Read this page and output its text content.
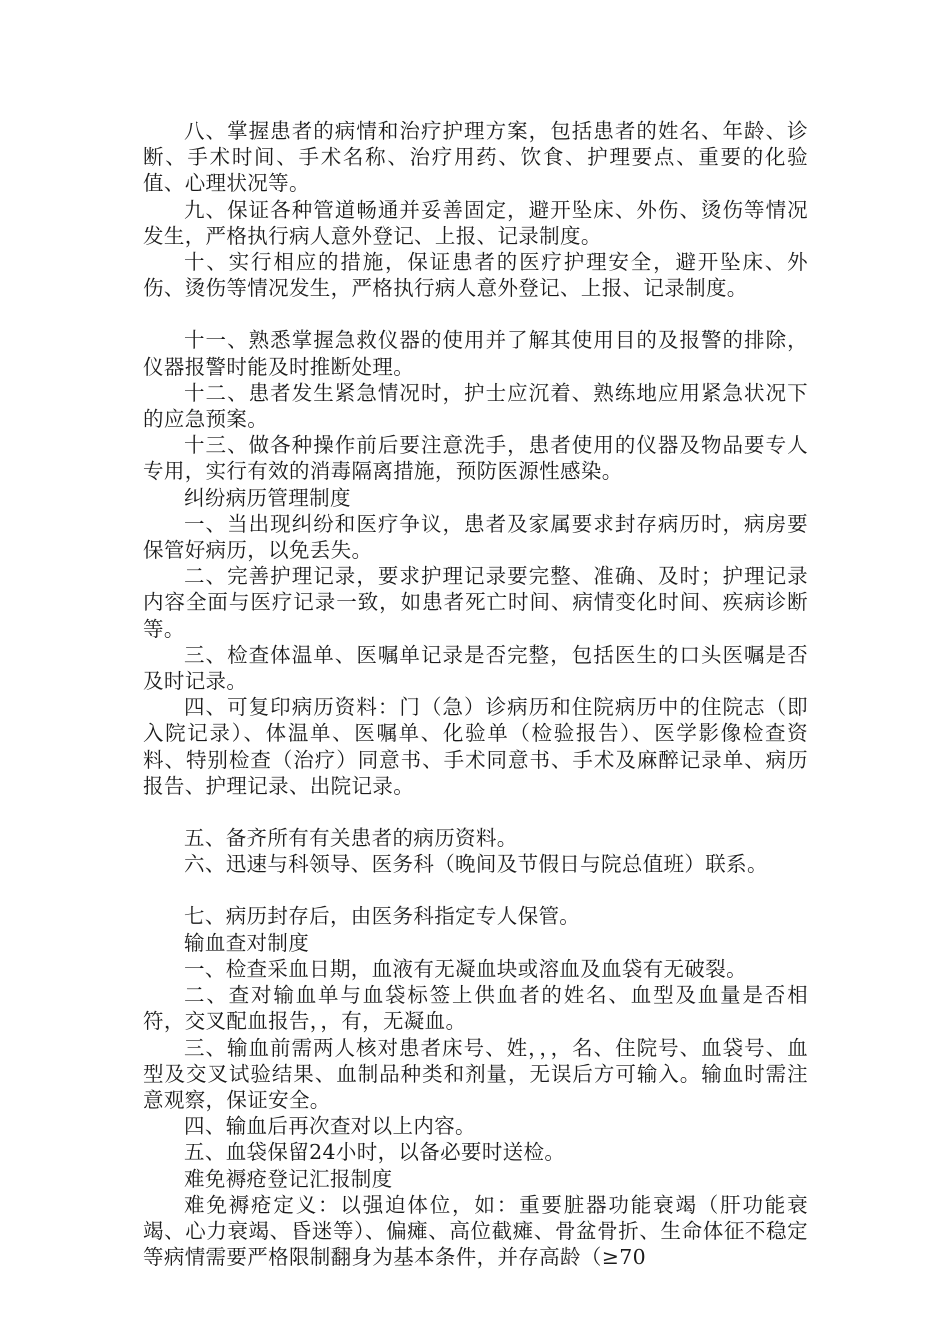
八、掌握患者的病情和治疗护理方案，包括患者的姓名、年龄、诊断、手术时间、手术名称、治疗用药、饮食、护理要点、重要的化验值、心理状况等。

九、保证各种管道畅通并妥善固定，避开坠床、外伤、烫伤等情况发生，严格执行病人意外登记、上报、记录制度。

十、实行相应的措施，保证患者的医疗护理安全，避开坠床、外伤、烫伤等情况发生，严格执行病人意外登记、上报、记录制度。

十一、熟悉掌握急救仪器的使用并了解其使用目的及报警的排除，仪器报警时能及时推断处理。

十二、患者发生紧急情况时，护士应沉着、熟练地应用紧急状况下的应急预案。

十三、做各种操作前后要注意洗手，患者使用的仪器及物品要专人专用，实行有效的消毒隔离措施，预防医源性感染。

纠纷病历管理制度

一、当出现纠纷和医疗争议，患者及家属要求封存病历时，病房要保管好病历，以免丢失。

二、完善护理记录，要求护理记录要完整、准确、及时；护理记录内容全面与医疗记录一致，如患者死亡时间、病情变化时间、疾病诊断等。

三、检查体温单、医嘱单记录是否完整，包括医生的口头医嘱是否及时记录。

四、可复印病历资料：门（急）诊病历和住院病历中的住院志（即入院记录）、体温单、医嘱单、化验单（检验报告）、医学影像检查资料、特别检查（治疗）同意书、手术同意书、手术及麻醉记录单、病历报告、护理记录、出院记录。

五、备齐所有有关患者的病历资料。

六、迅速与科领导、医务科（晚间及节假日与院总值班）联系。

七、病历封存后，由医务科指定专人保管。

输血查对制度

一、检查采血日期，血液有无凝血块或溶血及血袋有无破裂。

二、查对输血单与血袋标签上供血者的姓名、血型及血量是否相符，交叉配血报告，，有，无凝血。

三、输血前需两人核对患者床号、姓，，，名、住院号、血袋号、血型及交叉试验结果、血制品种类和剂量，无误后方可输入。输血时需注意观察，保证安全。

四、输血后再次查对以上内容。

五、血袋保留24小时，以备必要时送检。

难免褥疮登记汇报制度

难免褥疮定义：以强迫体位，如：重要脏器功能衰竭（肝功能衰竭、心力衰竭、昏迷等）、偏瘫、高位截瘫、骨盆骨折、生命体征不稳定等病情需要严格限制翻身为基本条件，并存高龄（≥70
